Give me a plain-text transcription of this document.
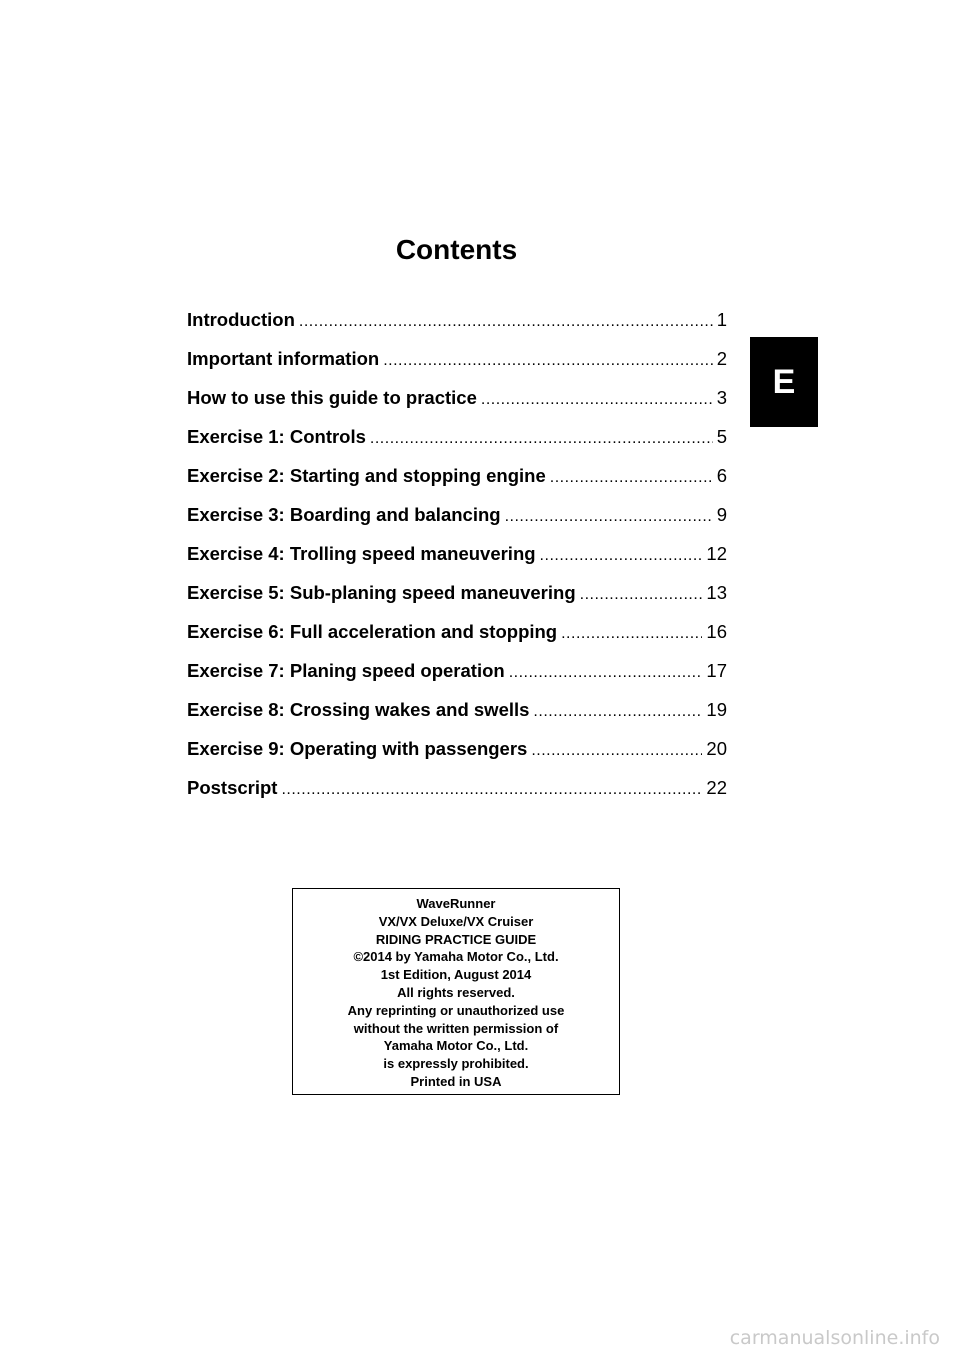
Contents
Introduction .....	1
Important information .....	2
How to use this guide to practice .....	3
Exercise 1: Controls .....	5
Exercise 2: Starting and stopping engine .....	6
Exercise 3: Boarding and balancing .....	9
Exercise 4: Trolling speed maneuvering .....	12
Exercise 5: Sub-planing speed maneuvering .....	13
Exercise 6: Full acceleration and stopping .....	16
Exercise 7: Planing speed operation .....	17
Exercise 8: Crossing wakes and swells .....	19
Exercise 9: Operating with passengers .....	20
Postscript .....	22
E
WaveRunner
VX/VX Deluxe/VX Cruiser
RIDING PRACTICE GUIDE
©2014 by Yamaha Motor Co., Ltd.
1st Edition, August 2014
All rights reserved.
Any reprinting or unauthorized use
without the written permission of
Yamaha Motor Co., Ltd.
is expressly prohibited.
Printed in USA
carmanualsonline.info
